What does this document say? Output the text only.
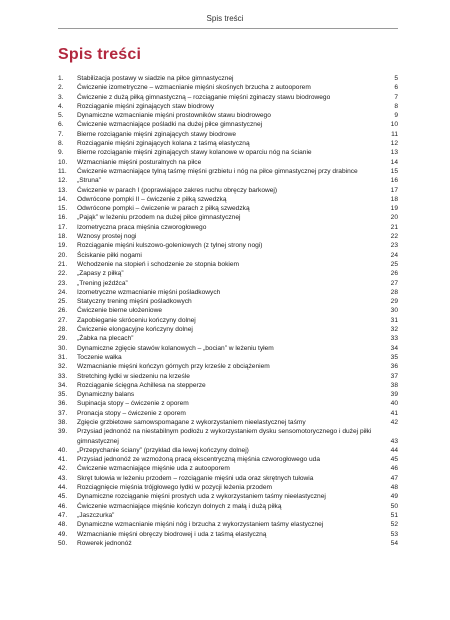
Spis treści
Spis treści
1. Stabilizacja postawy w siadzie na piłce gimnastycznej	5
2. Ćwiczenie izometryczne – wzmacnianie mięśni skośnych brzucha z autooporem	6
3. Ćwiczenie z dużą piłką gimnastyczną – rozciąganie mięśni zginaczy stawu biodrowego	7
4. Rozciąganie mięśni zginających staw biodrowy	8
5. Dynamiczne wzmacnianie mięśni prostowników stawu biodrowego	9
6. Ćwiczenie wzmacniające pośladki na dużej piłce gimnastycznej	10
7. Bierne rozciąganie mięśni zginających stawy biodrowe	11
8. Rozciąganie mięśni zginających kolana z taśmą elastyczną	12
9. Bierne rozciąganie mięśni zginających stawy kolanowe w oparciu nóg na ścianie	13
10. Wzmacnianie mięśni posturalnych na piłce	14
11. Ćwiczenie wzmacniające tylną taśmę mięśni grzbietu i nóg na piłce gimnastycznej przy drabince	15
12. „Struna”	16
13. Ćwiczenie w parach I (poprawiające zakres ruchu obręczy barkowej)	17
14. Odwrócone pompki II – ćwiczenie z piłką szwedzką	18
15. Odwrócone pompki – ćwiczenie w parach z piłką szwedzką	19
16. „Pająk” w leżeniu przodem na dużej piłce gimnastycznej	20
17. Izometryczna praca mięśnia czworogłowego	21
18. Wznosy prostej nogi	22
19. Rozciąganie mięśni kulszowo-goleniowych (z tylnej strony nogi)	23
20. Ściskanie piłki nogami	24
21. Wchodzenie na stopień i schodzenie ze stopnia bokiem	25
22. „Zapasy z piłką”	26
23. „Trening jeźdźca”	27
24. Izometryczne wzmacnianie mięśni pośladkowych	28
25. Statyczny trening mięśni pośladkowych	29
26. Ćwiczenie bierne ułożeniowe	30
27. Zapobieganie skróceniu kończyny dolnej	31
28. Ćwiczenie elongacyjne kończyny dolnej	32
29. „Żabka na plecach”	33
30. Dynamiczne zgięcie stawów kolanowych – „bocian” w leżeniu tyłem	34
31. Toczenie wałka	35
32. Wzmacnianie mięśni kończyn górnych przy krześle z obciążeniem	36
33. Stretching łydki w siedzeniu na krześle	37
34. Rozciąganie ścięgna Achillesa na stepperze	38
35. Dynamiczny balans	39
36. Supinacja stopy – ćwiczenie z oporem	40
37. Pronacja stopy – ćwiczenie z oporem	41
38. Zgięcie grzbietowe samowspomagane z wykorzystaniem nieelastycznej taśmy	42
39. Przysiad jednonóż na niestabilnym podłożu z wykorzystaniem dysku sensomotorycznego i dużej piłki gimnastycznej	43
40. „Przepychanie ściany” (przykład dla lewej kończyny dolnej)	44
41. Przysiad jednonóż ze wzmożoną pracą ekscentryczną mięśnia czworogłowego uda	45
42. Ćwiczenie wzmacniające mięśnie uda z autooporem	46
43. Skręt tułowia w leżeniu przodem – rozciąganie mięśni uda oraz skrętnych tułowia	47
44. Rozciągnięcie mięśnia trójgłowego łydki w pozycji leżenia przodem	48
45. Dynamiczne rozciąganie mięśni prostych uda z wykorzystaniem taśmy nieelastycznej	49
46. Ćwiczenie wzmacniające mięśnie kończyn dolnych z małą i dużą piłką	50
47. „Jaszczurka”	51
48. Dynamiczne wzmacnianie mięśni nóg i brzucha z wykorzystaniem taśmy elastycznej	52
49. Wzmacnianie mięśni obręczy biodrowej i uda z taśmą elastyczną	53
50. Rowerek jednonóż	54
